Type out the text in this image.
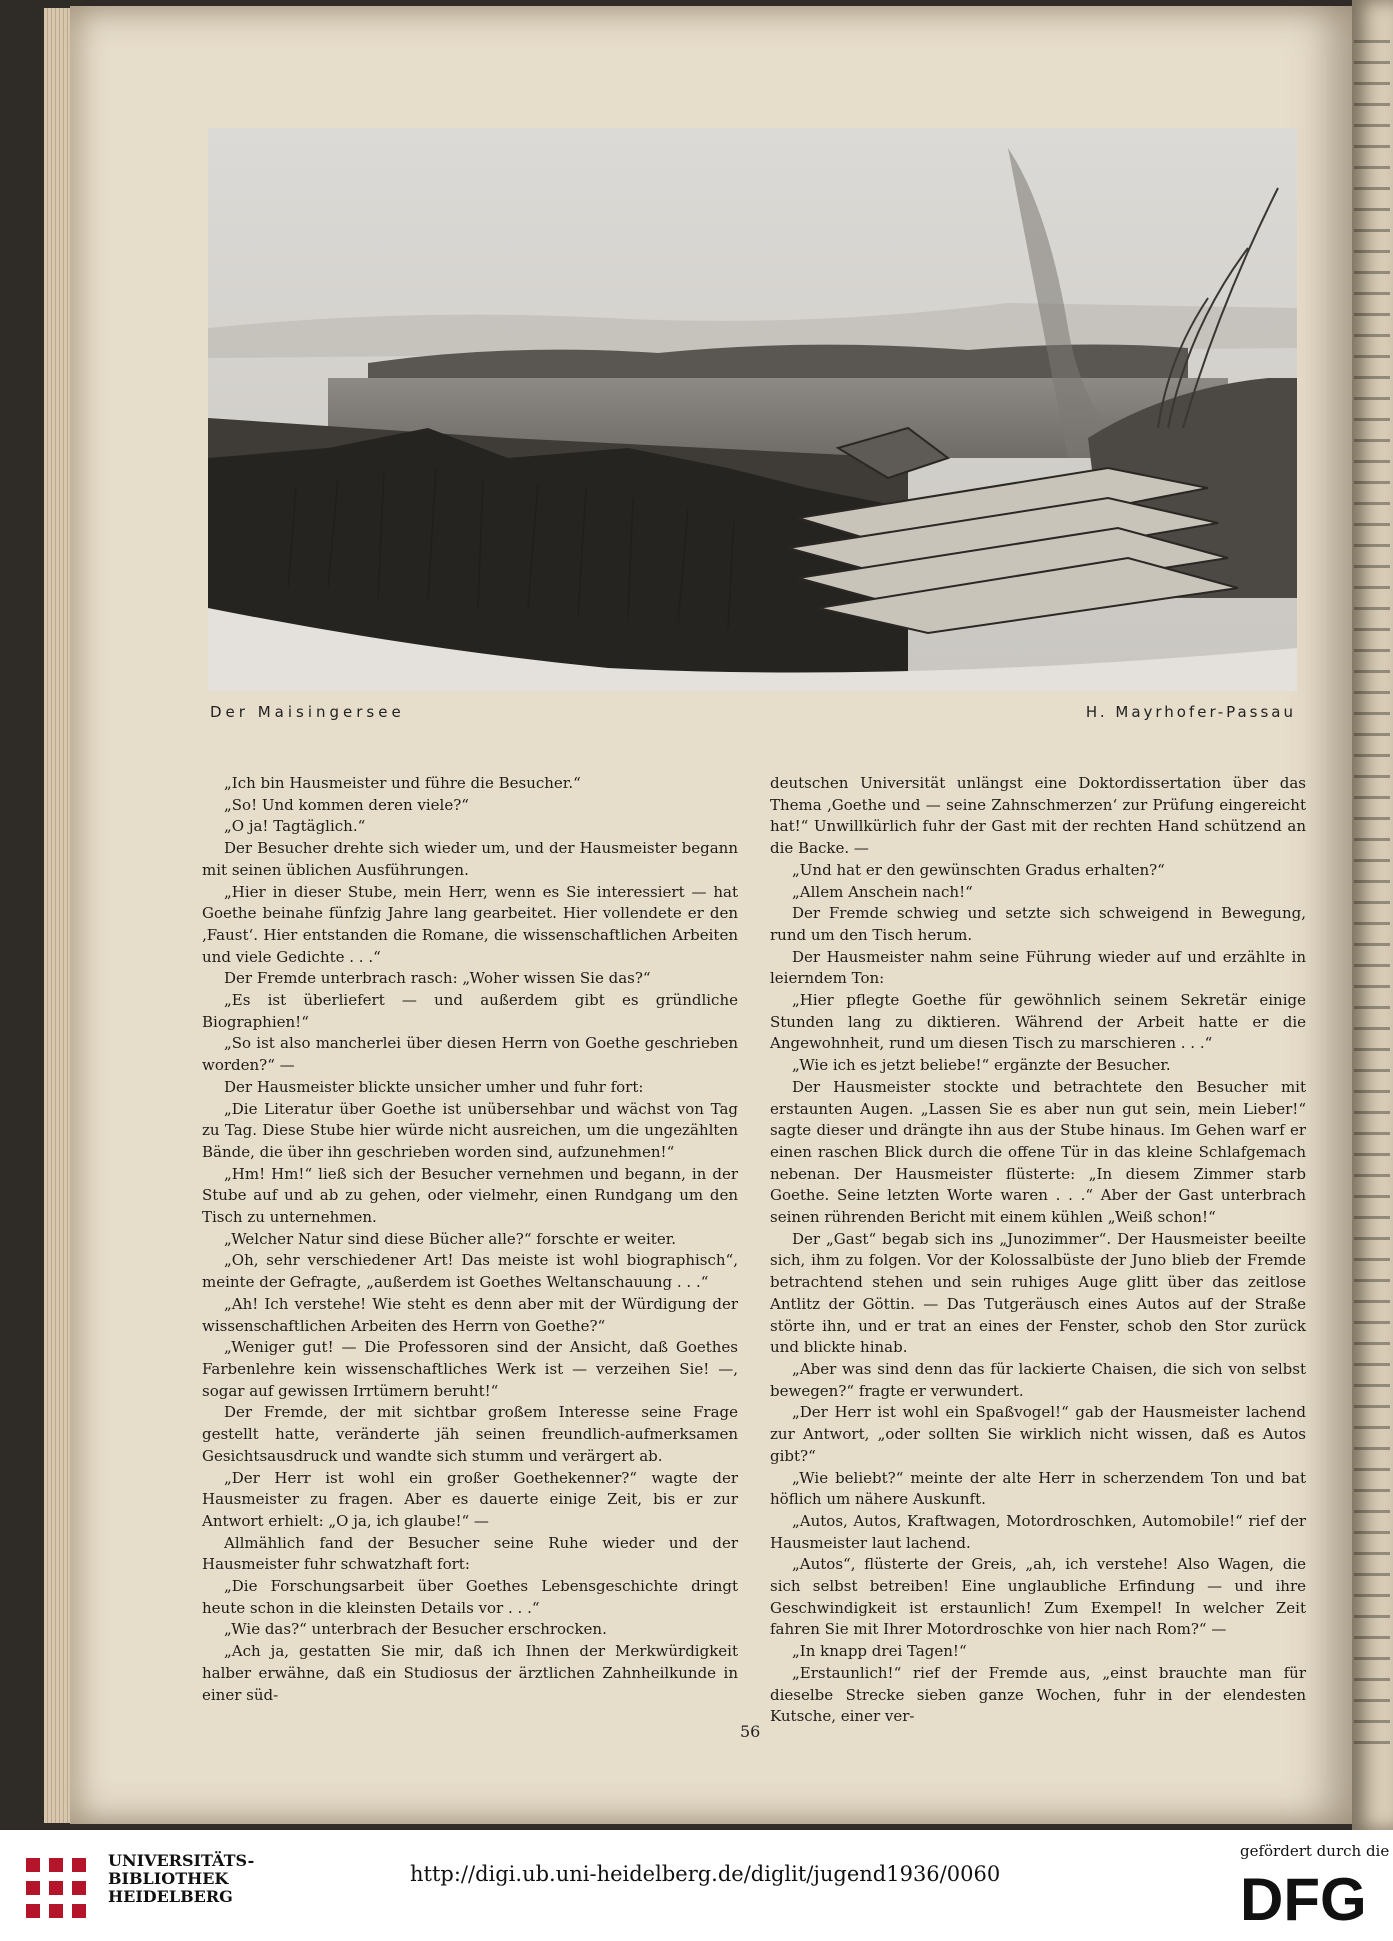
Der Maisingersee	H. Mayrhofer-Passau

„Ich bin Hausmeister und führe die Besucher.“

„So! Und kommen deren viele?“

„O ja! Tagtäglich.“

Der Besucher drehte sich wieder um, und der Hausmeister begann mit seinen üblichen Ausführungen.

„Hier in dieser Stube, mein Herr, wenn es Sie interessiert — hat Goethe beinahe fünfzig Jahre lang gearbeitet. Hier vollendete er den ‚Faust‘. Hier entstanden die Romane, die wissenschaftlichen Arbeiten und viele Gedichte . . .“

Der Fremde unterbrach rasch: „Woher wissen Sie das?“

„Es ist überliefert — und außerdem gibt es gründliche Biographien!“

„So ist also mancherlei über diesen Herrn von Goethe geschrieben worden?“ —

Der Hausmeister blickte unsicher umher und fuhr fort:

„Die Literatur über Goethe ist unübersehbar und wächst von Tag zu Tag. Diese Stube hier würde nicht ausreichen, um die ungezählten Bände, die über ihn geschrieben worden sind, aufzunehmen!“

„Hm! Hm!“ ließ sich der Besucher vernehmen und begann, in der Stube auf und ab zu gehen, oder vielmehr, einen Rundgang um den Tisch zu unternehmen.

„Welcher Natur sind diese Bücher alle?“ forschte er weiter.

„Oh, sehr verschiedener Art! Das meiste ist wohl biographisch“, meinte der Gefragte, „außerdem ist Goethes Weltanschauung . . .“

„Ah! Ich verstehe! Wie steht es denn aber mit der Würdigung der wissenschaftlichen Arbeiten des Herrn von Goethe?“

„Weniger gut! — Die Professoren sind der Ansicht, daß Goethes Farbenlehre kein wissenschaftliches Werk ist — verzeihen Sie! —, sogar auf gewissen Irrtümern beruht!“

Der Fremde, der mit sichtbar großem Interesse seine Frage gestellt hatte, veränderte jäh seinen freundlich-aufmerksamen Gesichtsausdruck und wandte sich stumm und verärgert ab.

„Der Herr ist wohl ein großer Goethekenner?“ wagte der Hausmeister zu fragen. Aber es dauerte einige Zeit, bis er zur Antwort erhielt: „O ja, ich glaube!“ —

Allmählich fand der Besucher seine Ruhe wieder und der Hausmeister fuhr schwatzhaft fort:

„Die Forschungsarbeit über Goethes Lebensgeschichte dringt heute schon in die kleinsten Details vor . . .“

„Wie das?“ unterbrach der Besucher erschrocken.

„Ach ja, gestatten Sie mir, daß ich Ihnen der Merkwürdigkeit halber erwähne, daß ein Studiosus der ärztlichen Zahnheilkunde in einer süd-

deutschen Universität unlängst eine Doktordissertation über das Thema ‚Goethe und — seine Zahnschmerzen‘ zur Prüfung eingereicht hat!“ Unwillkürlich fuhr der Gast mit der rechten Hand schützend an die Backe. —

„Und hat er den gewünschten Gradus erhalten?“

„Allem Anschein nach!“

Der Fremde schwieg und setzte sich schweigend in Bewegung, rund um den Tisch herum.

Der Hausmeister nahm seine Führung wieder auf und erzählte in leierndem Ton:

„Hier pflegte Goethe für gewöhnlich seinem Sekretär einige Stunden lang zu diktieren. Während der Arbeit hatte er die Angewohnheit, rund um diesen Tisch zu marschieren . . .“

„Wie ich es jetzt beliebe!“ ergänzte der Besucher.

Der Hausmeister stockte und betrachtete den Besucher mit erstaunten Augen. „Lassen Sie es aber nun gut sein, mein Lieber!“ sagte dieser und drängte ihn aus der Stube hinaus. Im Gehen warf er einen raschen Blick durch die offene Tür in das kleine Schlafgemach nebenan. Der Hausmeister flüsterte: „In diesem Zimmer starb Goethe. Seine letzten Worte waren . . .“ Aber der Gast unterbrach seinen rührenden Bericht mit einem kühlen „Weiß schon!“

Der „Gast“ begab sich ins „Junozimmer“. Der Hausmeister beeilte sich, ihm zu folgen. Vor der Kolossalbüste der Juno blieb der Fremde betrachtend stehen und sein ruhiges Auge glitt über das zeitlose Antlitz der Göttin. — Das Tutgeräusch eines Autos auf der Straße störte ihn, und er trat an eines der Fenster, schob den Stor zurück und blickte hinab.

„Aber was sind denn das für lackierte Chaisen, die sich von selbst bewegen?“ fragte er verwundert.

„Der Herr ist wohl ein Spaßvogel!“ gab der Hausmeister lachend zur Antwort, „oder sollten Sie wirklich nicht wissen, daß es Autos gibt?“

„Wie beliebt?“ meinte der alte Herr in scherzendem Ton und bat höflich um nähere Auskunft.

„Autos, Autos, Kraftwagen, Motordroschken, Automobile!“ rief der Hausmeister laut lachend.

„Autos“, flüsterte der Greis, „ah, ich verstehe! Also Wagen, die sich selbst betreiben! Eine unglaubliche Erfindung — und ihre Geschwindigkeit ist erstaunlich! Zum Exempel! In welcher Zeit fahren Sie mit Ihrer Motordroschke von hier nach Rom?“ —

„In knapp drei Tagen!“

„Erstaunlich!“ rief der Fremde aus, „einst brauchte man für dieselbe Strecke sieben ganze Wochen, fuhr in der elendesten Kutsche, einer ver-

56
UNIVERSITÄTS-
BIBLIOTHEK
HEIDELBERG
http://digi.ub.uni-heidelberg.de/diglit/jugend1936/0060
gefördert durch die
DFG
